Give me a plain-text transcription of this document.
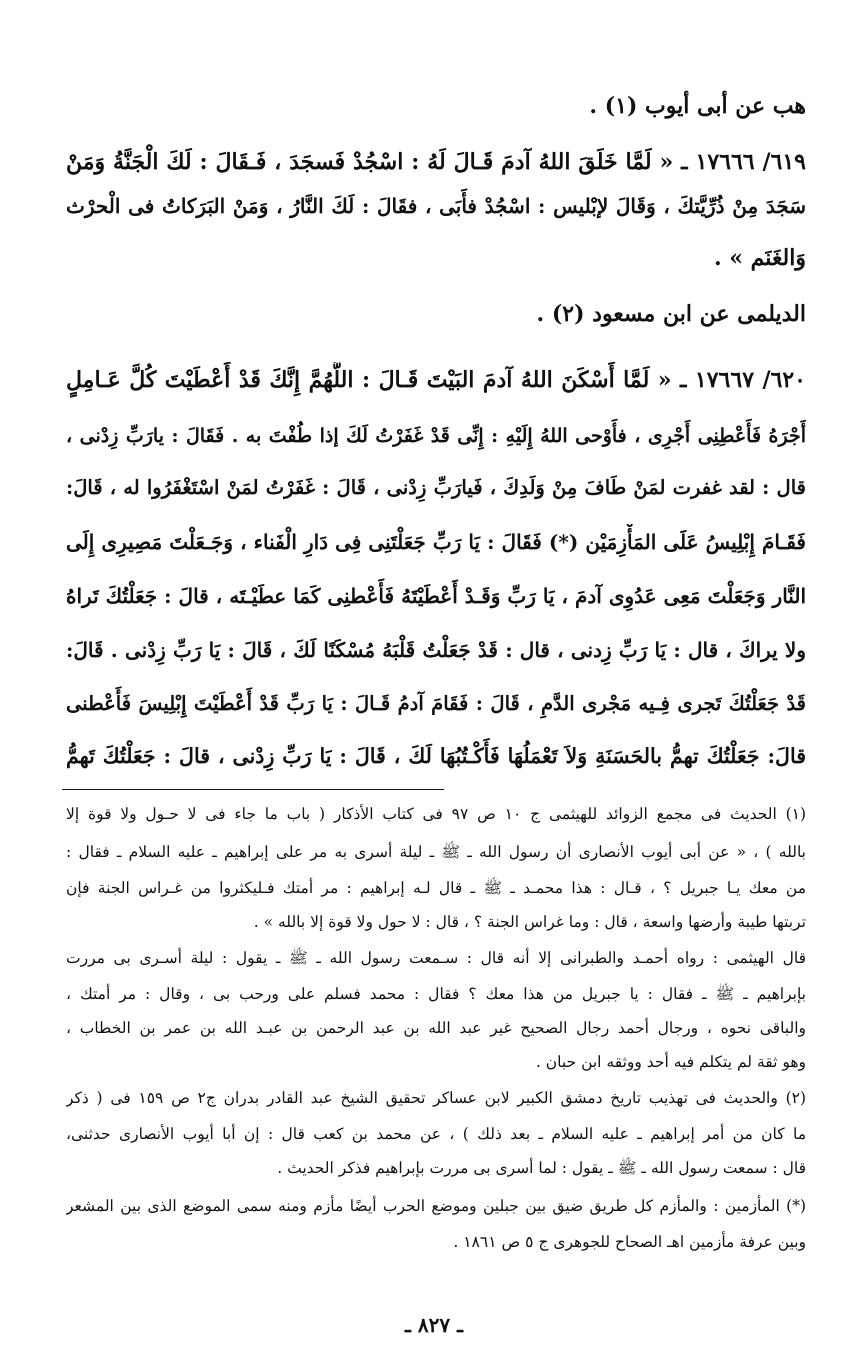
هب عن أبى أيوب (١) .
٦١٩/ ١٧٦٦٦ ـ « لَمَّا خَلَقَ اللهُ آدمَ قَـالَ لَهُ : اسْجُدْ فَسجَدَ ، فَـقَالَ : لَكَ الْجَنَّةُ وَمَنْ
سَجَدَ مِنْ ذُرِّيَّتكَ ، وَقَالَ لإبْليس : اسْجُدْ فأَبَى ، فقَالَ : لَكَ النَّارُ ، وَمَنْ البَرَكاتُ فى الْحرْث
وَالغَنَم » .
الديلمى عن ابن مسعود (٢) .
٦٢٠/ ١٧٦٦٧ ـ « لَمَّا أَسْكَنَ اللهُ آدمَ البَيْتَ قَـالَ : اللَّهُمَّ إِنَّكَ قَدْ أَعْطَيْتَ كُلَّ عَـامِلٍ
أَجْرَهُ فَأَعْطِنِى أَجْرِى ، فأَوْحى اللهُ إِلَيْهِ : إِنِّى قَدْ غَفَرْتُ لَكَ إذا طُفْتَ به . فَقَالَ : يارَبِّ زِدْنى ،
قال : لقد غفرت لمَنْ طَافَ مِنْ وَلَدِكَ ، فَيارَبِّ زِدْنى ، قَالَ : غَفَرْتُ لمَنْ اسْتَغْفَرُوا له ، قَالَ:
فَقَـامَ إِبْلِيسُ عَلَى المَأْزِمَيْن (*) فَقَالَ : يَا رَبِّ جَعَلْتَنِى فِى دَارِ الْفَناء ، وَجَـعَلْتَ مَصِيرِى إِلَى
النَّار وَجَعَلْتَ مَعِى عَدُوِى آدمَ ، يَا رَبِّ وَقَـدْ أَعْطَيْتَهُ فَأَعْطنِى كَمَا عطَيْـتَه ، قالَ : جَعَلْتُكَ تَراهُ
ولا يراكَ ، قال : يَا رَبِّ زِدنى ، قال : قَدْ جَعَلْتُ قَلْبَهُ مُسْكَنًا لَكَ ، قَالَ : يَا رَبِّ زِدْنى . قَالَ:
قَدْ جَعَلْتُكَ تَجرى فِـيه مَجْرى الدَّمِ ، قَالَ : فَقَامَ آدمُ قَـالَ : يَا رَبِّ قَدْ أَعْطَيْتَ إِبْلِيسَ فَأَعْطنى
قالَ: جَعَلْتُكَ تهمُّ بالحَسَنَةِ وَلاَ تَعْمَلُهَا فَأَكْـتُبُهَا لَكَ ، قَالَ : يَا رَبِّ زِدْنى ، قالَ : جَعَلْتُكَ تَهمُّ
(١) الحديث فى مجمع الزوائد للهيثمى ج ١٠ ص ٩٧ فى كتاب الأذكار ( باب ما جاء فى لا حـول ولا قوة إلا
بالله ) ، « عن أبى أيوب الأنصارى أن رسول الله ـ ﷺ ـ ليلة أسرى به مر على إبراهيم ـ عليه السلام ـ فقال :
من معك يـا جبريل ؟ ، قـال : هذا محمـد ـ ﷺ ـ قال لـه إبراهيم : مر أمتك فـليكثروا من غـراس الجنة فإن
تربتها طيبة وأرضها واسعة ، قال : وما غراس الجنة ؟ ، قال : لا حول ولا قوة إلا بالله » .
قال الهيثمى : رواه أحمـد والطبرانى إلا أنه قال : سـمعت رسول الله ـ ﷺ ـ يقول : ليلة أسـرى بى مررت
بإبراهيم ـ ﷺ ـ فقال : يا جبريل من هذا معك ؟ فقال : محمد فسلم على ورحب بى ، وقال : مر أمتك ،
والباقى نحوه ، ورجال أحمد رجال الصحيح غير عبد الله بن عبد الرحمن بن عبـد الله بن عمر بن الخطاب ،
وهو ثقة لم يتكلم فيه أحد ووثقه ابن حبان .
(٢) والحديث فى تهذيب تاريخ دمشق الكبير لابن عساكر تحقيق الشيخ عبد القادر بدران ج٢ ص ١٥٩ فى ( ذكر
ما كان من أمر إبراهيم ـ عليه السلام ـ بعد ذلك ) ، عن محمد بن كعب قال : إن أبا أيوب الأنصارى حدثنى،
قال : سمعت رسول الله ـ ﷺ ـ يقول : لما أسرى بى مررت بإبراهيم فذكر الحديث .
(*) المأزمين : والمأزم كل طريق ضيق بين جبلين وموضع الحرب أيضًا مأزم ومنه سمى الموضع الذى بين المشعر
وبين عرفة مأزمين اهـ الصحاح للجوهرى ج ٥ ص ١٨٦١ .
ـ ٨٢٧ ـ
